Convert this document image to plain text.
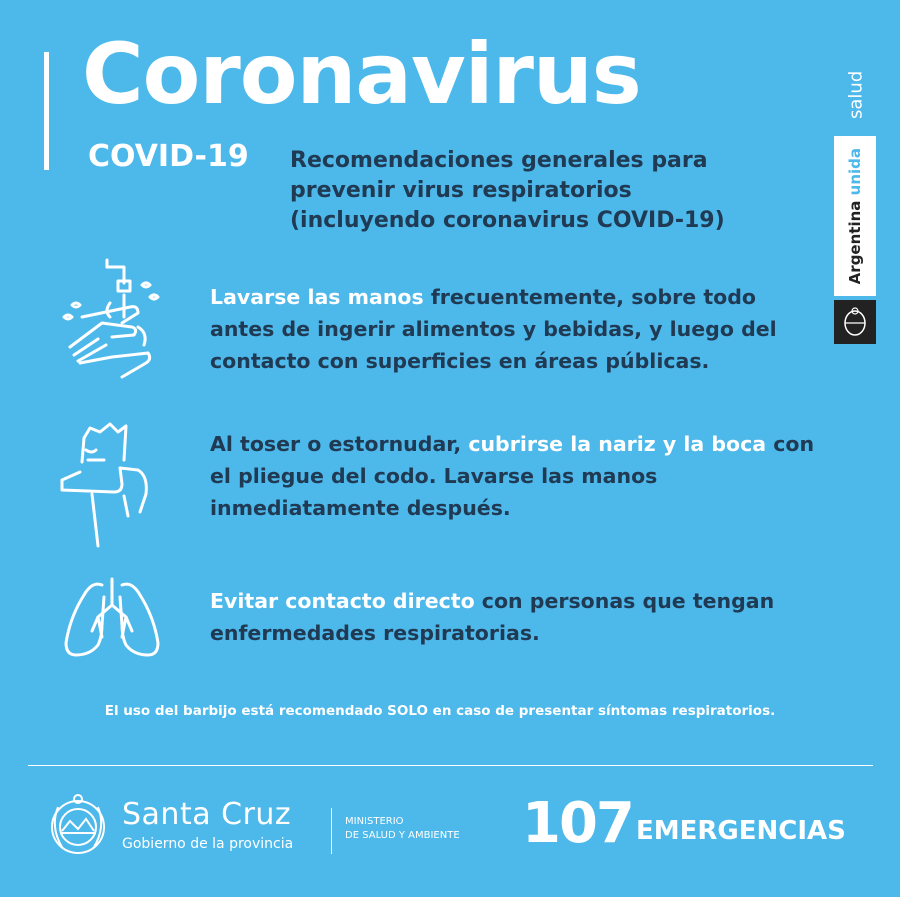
Coronavirus
COVID-19 Recomendaciones generales para
prevenir virus respiratorios
(incluyendo coronavirus COVID-19)
salud
Argentina unida

Lavarse las manos frecuentemente, sobre todo antes de ingerir alimentos y bebidas, y luego del contacto con superficies en áreas públicas.

Al toser o estornudar, cubrirse la nariz y la boca con el pliegue del codo. Lavarse las manos inmediatamente después.

Evitar contacto directo con personas que tengan enfermedades respiratorias.

El uso del barbijo está recomendado SOLO en caso de presentar síntomas respiratorios.
Santa Cruz
Gobierno de la provincia
MINISTERIO
DE SALUD Y AMBIENTE 107 EMERGENCIAS
